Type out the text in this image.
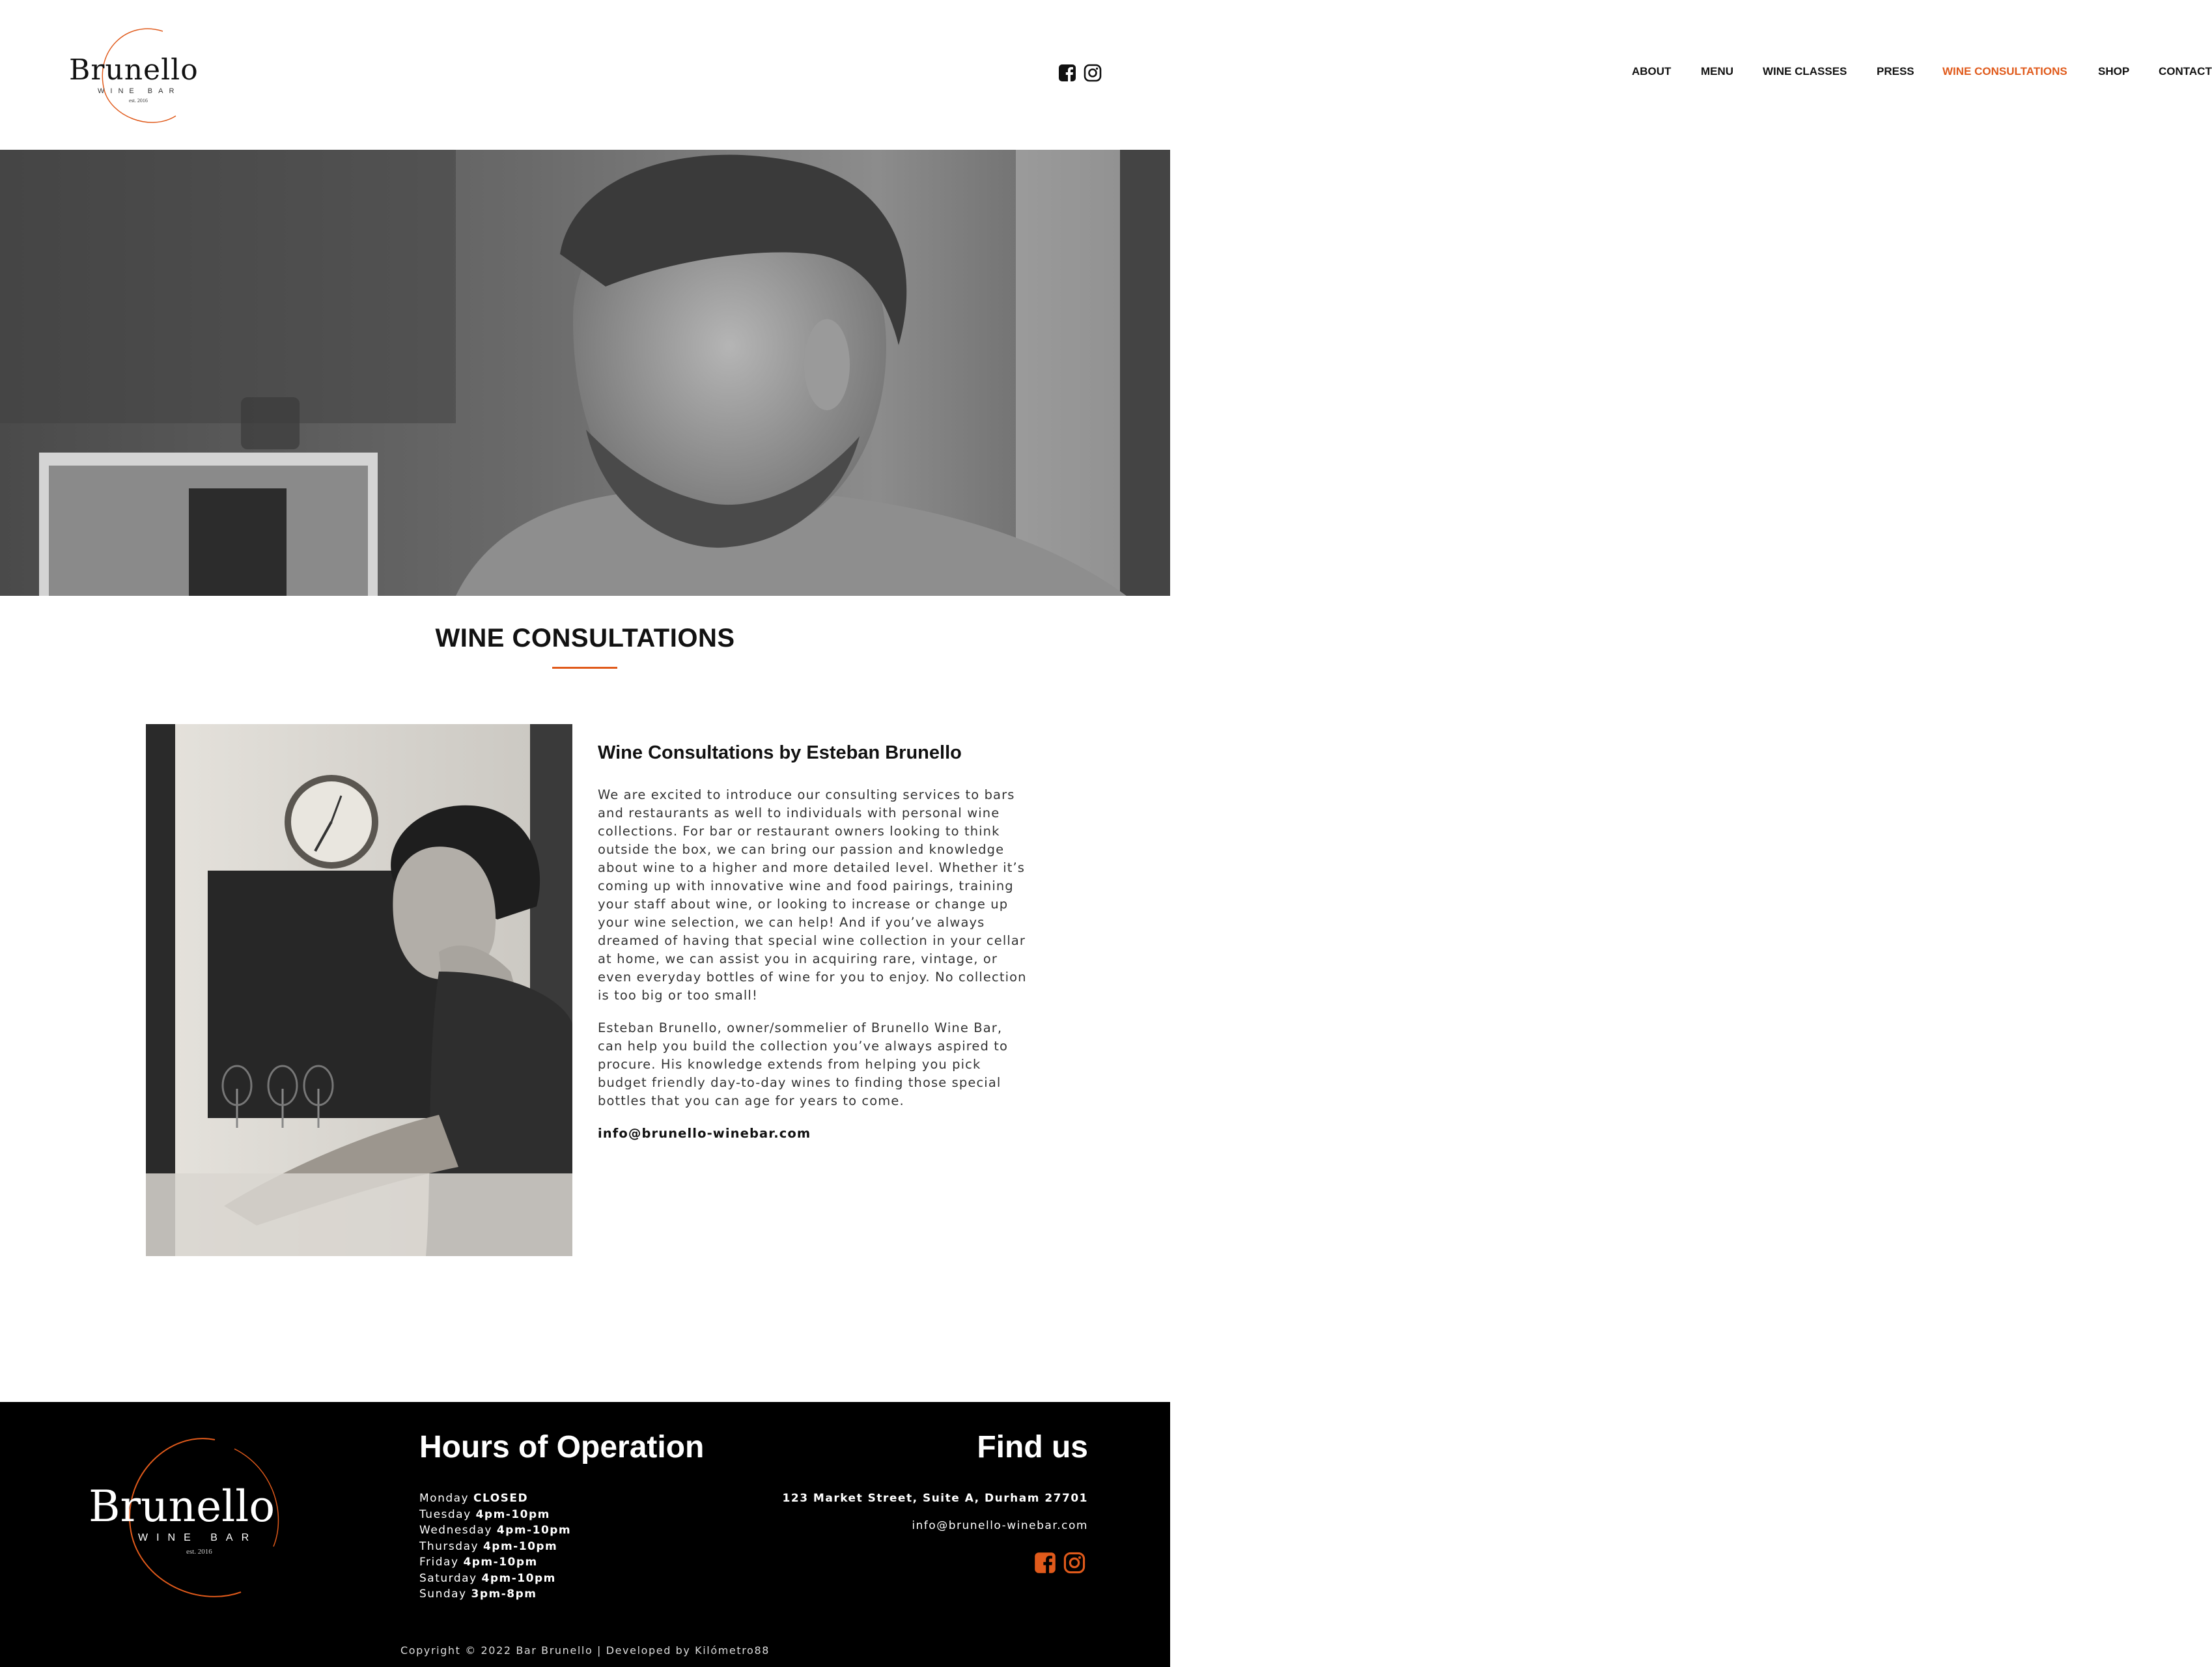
Brunello
WINE BAR
est. 2016
ABOUT	MENU	WINE CLASSES	PRESS	WINE CONSULTATIONS	SHOP	CONTACT
WINE CONSULTATIONS
Wine Consultations by Esteban Brunello

We are excited to introduce our consulting services to bars and restaurants as well to individuals with personal wine collections. For bar or restaurant owners looking to think outside the box, we can bring our passion and knowledge about wine to a higher and more detailed level. Whether it’s coming up with innovative wine and food pairings, training your staff about wine, or looking to increase or change up your wine selection, we can help! And if you’ve always dreamed of having that special wine collection in your cellar at home, we can assist you in acquiring rare, vintage, or even everyday bottles of wine for you to enjoy. No collection is too big or too small!

Esteban Brunello, owner/sommelier of Brunello Wine Bar, can help you build the collection you’ve always aspired to procure. His knowledge extends from helping you pick budget friendly day-to-day wines to finding those special bottles that you can age for years to come.

info@brunello-winebar.com

Brunello
WINE BAR
est. 2016
Hours of Operation
Monday CLOSED
Tuesday 4pm-10pm
Wednesday 4pm-10pm
Thursday 4pm-10pm
Friday 4pm-10pm
Saturday 4pm-10pm
Sunday 3pm-8pm
Find us
123 Market Street, Suite A, Durham 27701
info@brunello-winebar.com
Copyright © 2022 Bar Brunello | Developed by Kilómetro88
